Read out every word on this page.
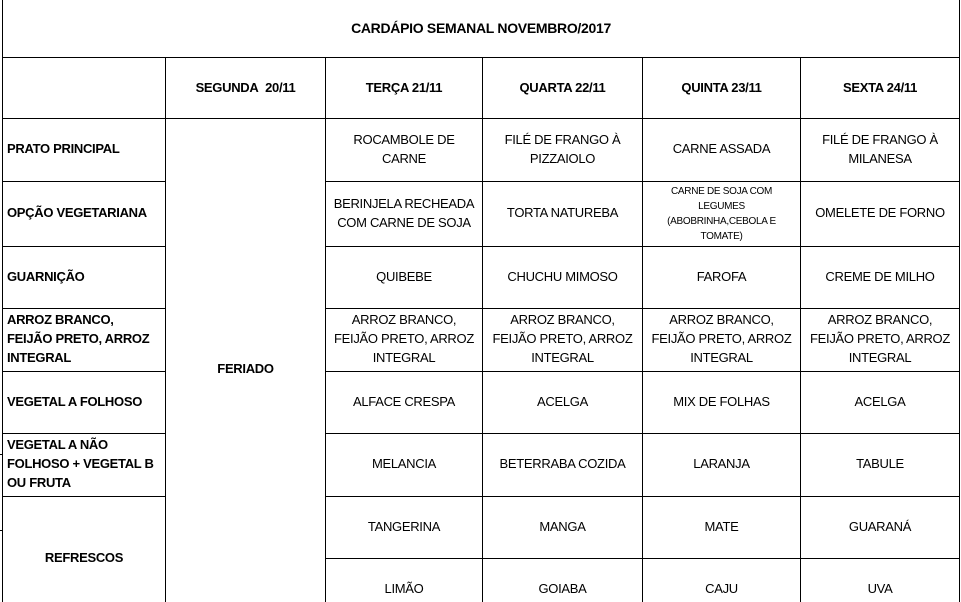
CARDÁPIO SEMANAL NOVEMBRO/2017					
	SEGUNDA  20/11	TERÇA 21/11	QUARTA 22/11	QUINTA 23/11	SEXTA 24/11
PRATO PRINCIPAL	FERIADO	ROCAMBOLE DE CARNE	FILÉ DE FRANGO À PIZZAIOLO	CARNE ASSADA	FILÉ DE FRANGO À MILANESA
OPÇÃO VEGETARIANA		BERINJELA RECHEADA COM CARNE DE SOJA	TORTA NATUREBA	CARNE DE SOJA COM LEGUMES (ABOBRINHA,CEBOLA E TOMATE)	OMELETE DE FORNO
GUARNIÇÃO		QUIBEBE	CHUCHU MIMOSO	FAROFA	CREME DE MILHO
ARROZ BRANCO, FEIJÃO PRETO, ARROZ INTEGRAL		ARROZ BRANCO, FEIJÃO PRETO, ARROZ INTEGRAL	ARROZ BRANCO, FEIJÃO PRETO, ARROZ INTEGRAL	ARROZ BRANCO, FEIJÃO PRETO, ARROZ INTEGRAL	ARROZ BRANCO, FEIJÃO PRETO, ARROZ INTEGRAL
VEGETAL A FOLHOSO		ALFACE CRESPA	ACELGA	MIX DE FOLHAS	ACELGA
VEGETAL A NÃO FOLHOSO + VEGETAL B OU FRUTA		MELANCIA	BETERRABA COZIDA	LARANJA	TABULE
REFRESCOS		TANGERINA	MANGA	MATE	GUARANÁ
		LIMÃO	GOIABA	CAJU	UVA
